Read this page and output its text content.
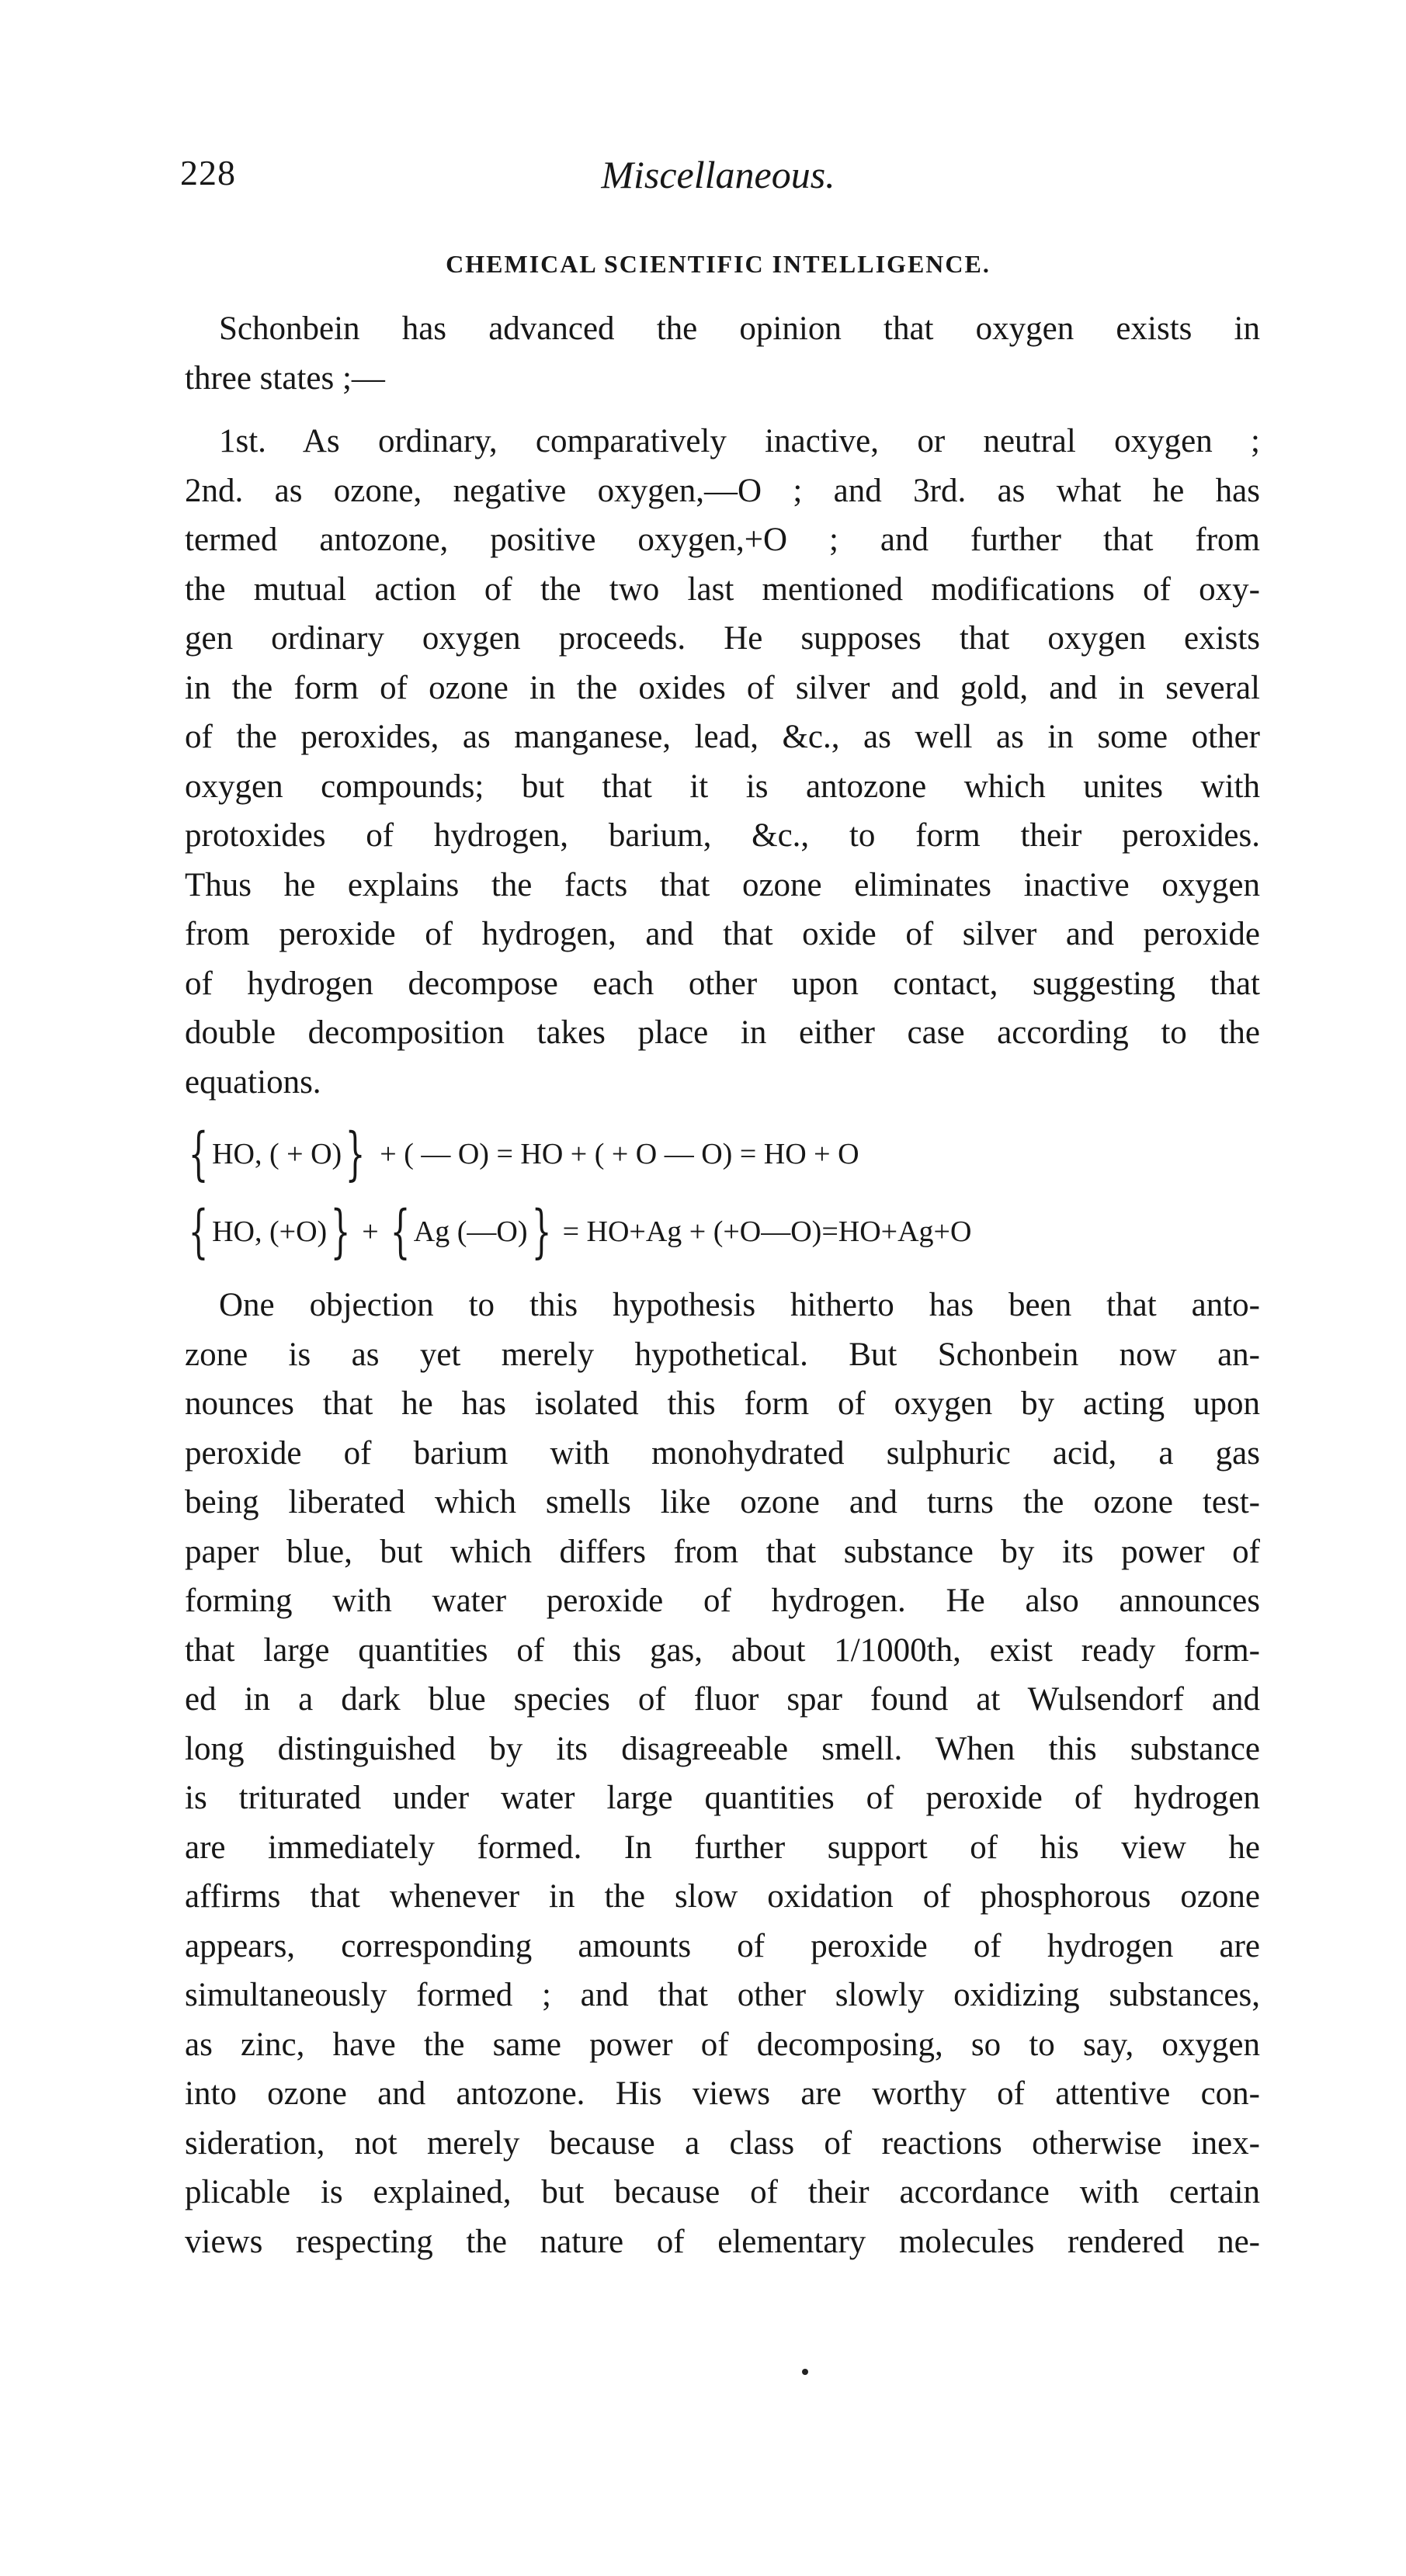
228	Miscellaneous.
CHEMICAL SCIENTIFIC INTELLIGENCE.
Schonbein has advanced the opinion that oxygen exists in
three states ;—
1st. As ordinary, comparatively inactive, or neutral oxygen ;
2nd. as ozone, negative oxygen,—O ; and 3rd. as what he has
termed antozone, positive oxygen,+O ; and further that from
the mutual action of the two last mentioned modifications of oxy-
gen ordinary oxygen proceeds. He supposes that oxygen exists
in the form of ozone in the oxides of silver and gold, and in several
of the peroxides, as manganese, lead, &c., as well as in some other
oxygen compounds; but that it is antozone which unites with
protoxides of hydrogen, barium, &c., to form their peroxides.
Thus he explains the facts that ozone eliminates inactive oxygen
from peroxide of hydrogen, and that oxide of silver and peroxide
of hydrogen decompose each other upon contact, suggesting that
double decomposition takes place in either case according to the
equations.
{ HO, ( + O) } + ( — O) = HO + ( + O — O) = HO + O
{ HO, (+O) } + { Ag (—O) } = HO+Ag + (+O—O)=HO+Ag+O
One objection to this hypothesis hitherto has been that anto-
zone is as yet merely hypothetical. But Schonbein now an-
nounces that he has isolated this form of oxygen by acting upon
peroxide of barium with monohydrated sulphuric acid, a gas
being liberated which smells like ozone and turns the ozone test-
paper blue, but which differs from that substance by its power of
forming with water peroxide of hydrogen. He also announces
that large quantities of this gas, about 1/1000th, exist ready form-
ed in a dark blue species of fluor spar found at Wulsendorf and
long distinguished by its disagreeable smell. When this substance
is triturated under water large quantities of peroxide of hydrogen
are immediately formed. In further support of his view he
affirms that whenever in the slow oxidation of phosphorous ozone
appears, corresponding amounts of peroxide of hydrogen are
simultaneously formed ; and that other slowly oxidizing substances,
as zinc, have the same power of decomposing, so to say, oxygen
into ozone and antozone. His views are worthy of attentive con-
sideration, not merely because a class of reactions otherwise inex-
plicable is explained, but because of their accordance with certain
views respecting the nature of elementary molecules rendered ne-
